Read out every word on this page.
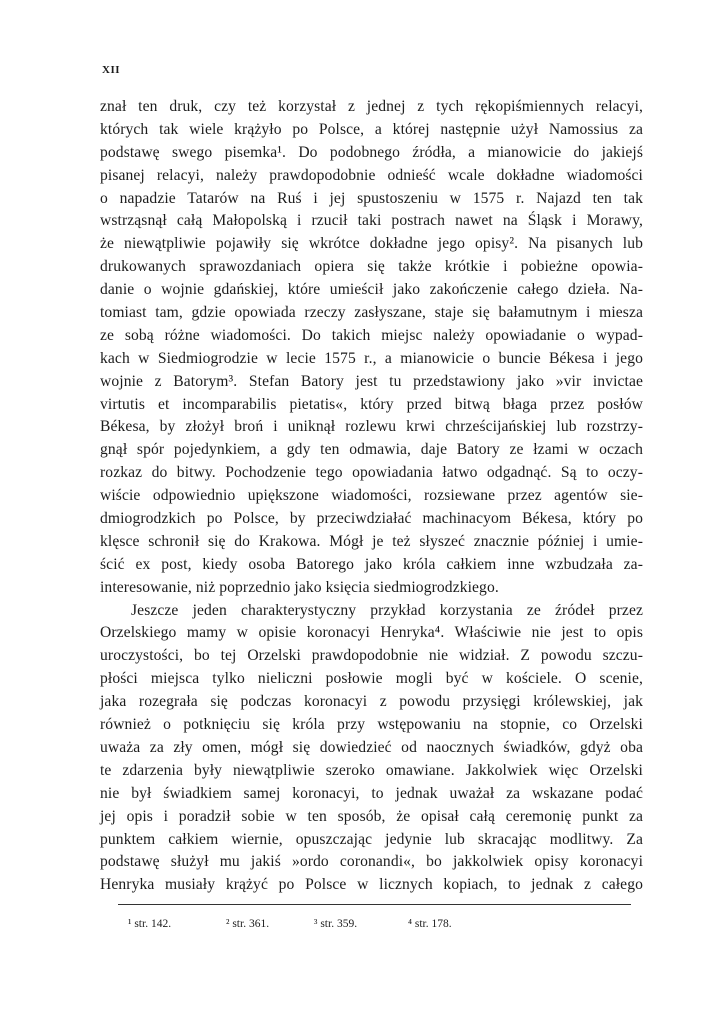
XII
znał ten druk, czy też korzystał z jednej z tych rękopiśmiennych relacyi,
których tak wiele krążyło po Polsce, a której następnie użył Namossius za
podstawę swego pisemka¹. Do podobnego źródła, a mianowicie do jakiejś
pisanej relacyi, należy prawdopodobnie odnieść wcale dokładne wiadomości
o napadzie Tatarów na Ruś i jej spustoszeniu w 1575 r. Najazd ten tak
wstrząsnął całą Małopolską i rzucił taki postrach nawet na Śląsk i Morawy,
że niewątpliwie pojawiły się wkrótce dokładne jego opisy². Na pisanych lub
drukowanych sprawozdaniach opiera się także krótkie i pobieżne opowia-
danie o wojnie gdańskiej, które umieścił jako zakończenie całego dzieła. Na-
tomiast tam, gdzie opowiada rzeczy zasłyszane, staje się bałamutnym i miesza
ze sobą różne wiadomości. Do takich miejsc należy opowiadanie o wypad-
kach w Siedmiogrodzie w lecie 1575 r., a mianowicie o buncie Békesa i jego
wojnie z Batorym³. Stefan Batory jest tu przedstawiony jako »vir invictae
virtutis et incomparabilis pietatis«, który przed bitwą błaga przez posłów
Békesa, by złożył broń i uniknął rozlewu krwi chrześcijańskiej lub rozstrzy-
gnął spór pojedynkiem, a gdy ten odmawia, daje Batory ze łzami w oczach
rozkaz do bitwy. Pochodzenie tego opowiadania łatwo odgadnąć. Są to oczy-
wiście odpowiednio upiększone wiadomości, rozsiewane przez agentów sie-
dmiogrodzkich po Polsce, by przeciwdziałać machinacyom Békesa, który po
klęsce schronił się do Krakowa. Mógł je też słyszeć znacznie później i umie-
ścić ex post, kiedy osoba Batorego jako króla całkiem inne wzbudzała za-
interesowanie, niż poprzednio jako księcia siedmiogrodzkiego.
Jeszcze jeden charakterystyczny przykład korzystania ze źródeł przez
Orzelskiego mamy w opisie koronacyi Henryka⁴. Właściwie nie jest to opis
uroczystości, bo tej Orzelski prawdopodobnie nie widział. Z powodu szczu-
płości miejsca tylko nieliczni posłowie mogli być w kościele. O scenie,
jaka rozegrała się podczas koronacyi z powodu przysięgi królewskiej, jak
również o potknięciu się króla przy wstępowaniu na stopnie, co Orzelski
uważa za zły omen, mógł się dowiedzieć od naocznych świadków, gdyż oba
te zdarzenia były niewątpliwie szeroko omawiane. Jakkolwiek więc Orzelski
nie był świadkiem samej koronacyi, to jednak uważał za wskazane podać
jej opis i poradził sobie w ten sposób, że opisał całą ceremonię punkt za
punktem całkiem wiernie, opuszczając jedynie lub skracając modlitwy. Za
podstawę służył mu jakiś »ordo coronandi«, bo jakkolwiek opisy koronacyi
Henryka musiały krążyć po Polsce w licznych kopiach, to jednak z całego
¹ str. 142.	² str. 361.	³ str. 359.	⁴ str. 178.
